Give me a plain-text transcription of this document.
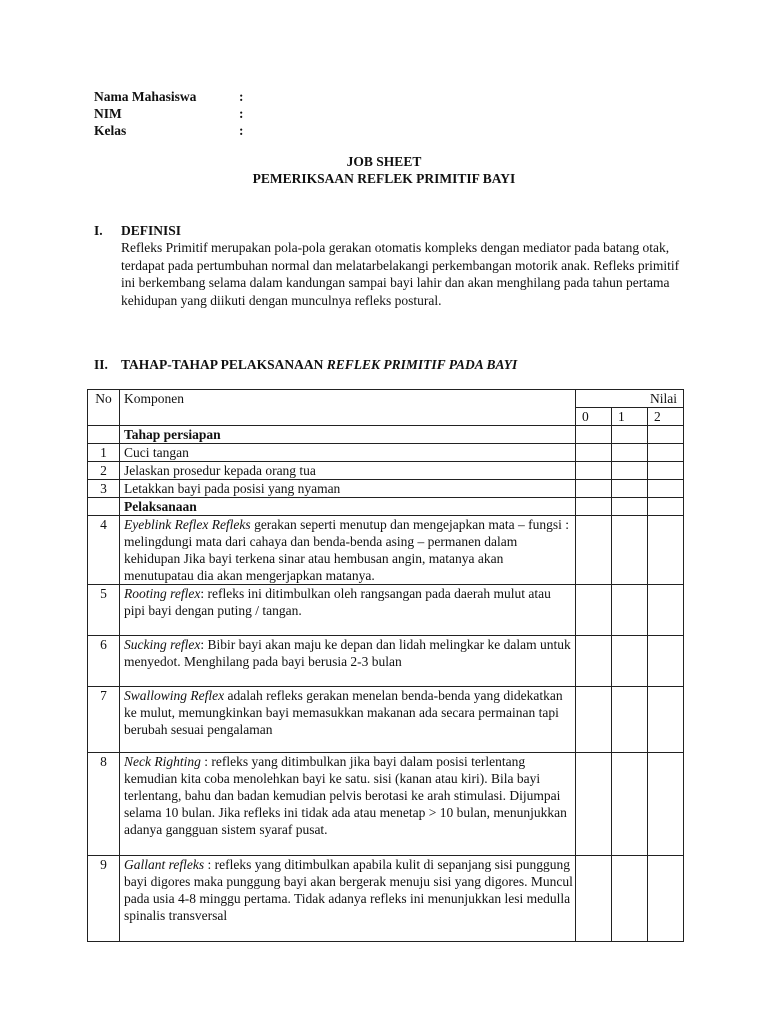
Nama Mahasiswa	:
NIM	:
Kelas	:
JOB SHEET
PEMERIKSAAN REFLEK PRIMITIF BAYI
I.	DEFINISI
Refleks Primitif merupakan pola-pola gerakan otomatis kompleks dengan mediator pada batang otak, terdapat pada pertumbuhan normal dan melatarbelakangi perkembangan motorik anak. Refleks primitif ini berkembang selama dalam kandungan sampai bayi lahir dan akan menghilang pada tahun pertama kehidupan yang diikuti dengan munculnya refleks postural.
II. TAHAP-TAHAP PELAKSANAAN REFLEK PRIMITIF PADA BAYI
No	Komponen	Nilai		
		0	1	2
	Tahap persiapan			
1	Cuci tangan			
2	Jelaskan prosedur kepada orang tua			
3	Letakkan bayi pada posisi yang nyaman			
	Pelaksanaan			
4	Eyeblink Reflex Refleks gerakan seperti menutup dan mengejapkan mata – fungsi : melingdungi mata dari cahaya dan benda-benda asing – permanen dalam kehidupan Jika bayi terkena sinar atau hembusan angin, matanya akan menutupatau dia akan mengerjapkan matanya.			
5	Rooting reflex: refleks ini ditimbulkan oleh rangsangan pada daerah mulut atau pipi bayi dengan puting / tangan.			
6	Sucking reflex: Bibir bayi akan maju ke depan dan lidah melingkar ke dalam untuk menyedot. Menghilang pada bayi berusia 2-3 bulan			
7	Swallowing Reflex adalah refleks gerakan menelan benda-benda yang didekatkan ke mulut, memungkinkan bayi memasukkan makanan ada secara permainan tapi berubah sesuai pengalaman			
8	Neck Righting : refleks yang ditimbulkan jika bayi dalam posisi terlentang kemudian kita coba menolehkan bayi ke satu. sisi (kanan atau kiri). Bila bayi terlentang, bahu dan badan kemudian pelvis berotasi ke arah stimulasi. Dijumpai selama 10 bulan. Jika refleks ini tidak ada atau menetap > 10 bulan, menunjukkan adanya gangguan sistem syaraf pusat.			
9	Gallant refleks : refleks yang ditimbulkan apabila kulit di sepanjang sisi punggung bayi digores maka punggung bayi akan bergerak menuju sisi yang digores. Muncul pada usia 4-8 minggu pertama. Tidak adanya refleks ini menunjukkan lesi medulla spinalis transversal			
